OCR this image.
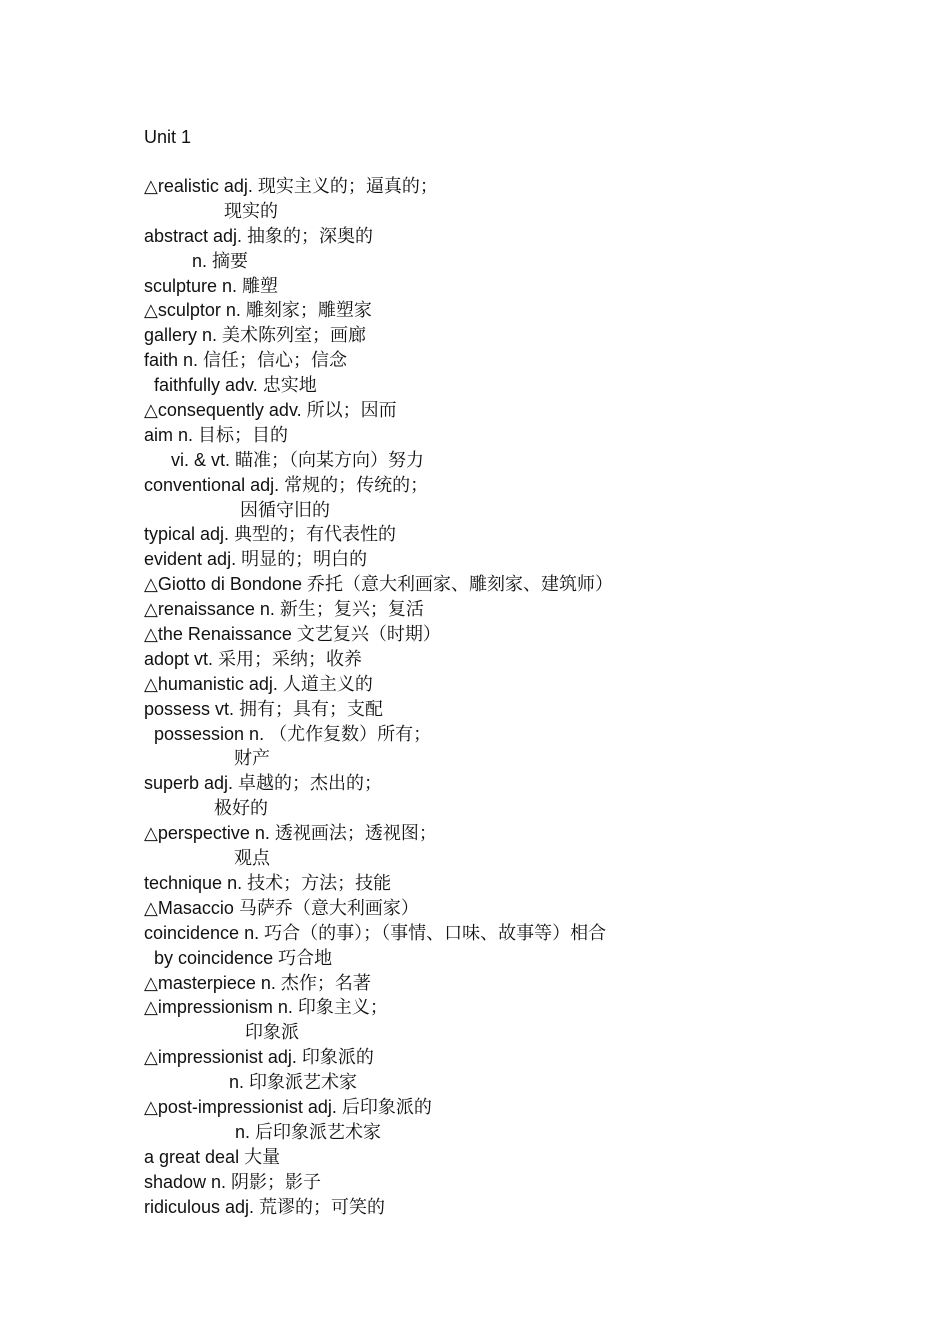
Unit 1
△realistic adj. 现实主义的；逼真的；
现实的
abstract adj. 抽象的；深奥的
n. 摘要
sculpture n. 雕塑
△sculptor n. 雕刻家；雕塑家
gallery n. 美术陈列室；画廊
faith n. 信任；信心；信念
faithfully adv. 忠实地
△consequently adv. 所以；因而
aim n. 目标；目的
vi. & vt. 瞄准；（向某方向）努力
conventional adj. 常规的；传统的；
因循守旧的
typical adj. 典型的；有代表性的
evident adj. 明显的；明白的
△Giotto di Bondone 乔托（意大利画家、雕刻家、建筑师）
△renaissance n. 新生；复兴；复活
△the Renaissance 文艺复兴（时期）
adopt vt. 采用；采纳；收养
△humanistic adj. 人道主义的
possess vt. 拥有；具有；支配
possession n. （尤作复数）所有；
财产
superb adj. 卓越的；杰出的；
极好的
△perspective n. 透视画法；透视图；
观点
technique n. 技术；方法；技能
△Masaccio 马萨乔（意大利画家）
coincidence n. 巧合（的事）；（事情、口味、故事等）相合
by coincidence 巧合地
△masterpiece n. 杰作；名著
△impressionism n. 印象主义；
印象派
△impressionist adj. 印象派的
n. 印象派艺术家
△post-impressionist adj. 后印象派的
n. 后印象派艺术家
a great deal 大量
shadow n. 阴影；影子
ridiculous adj. 荒谬的；可笑的
